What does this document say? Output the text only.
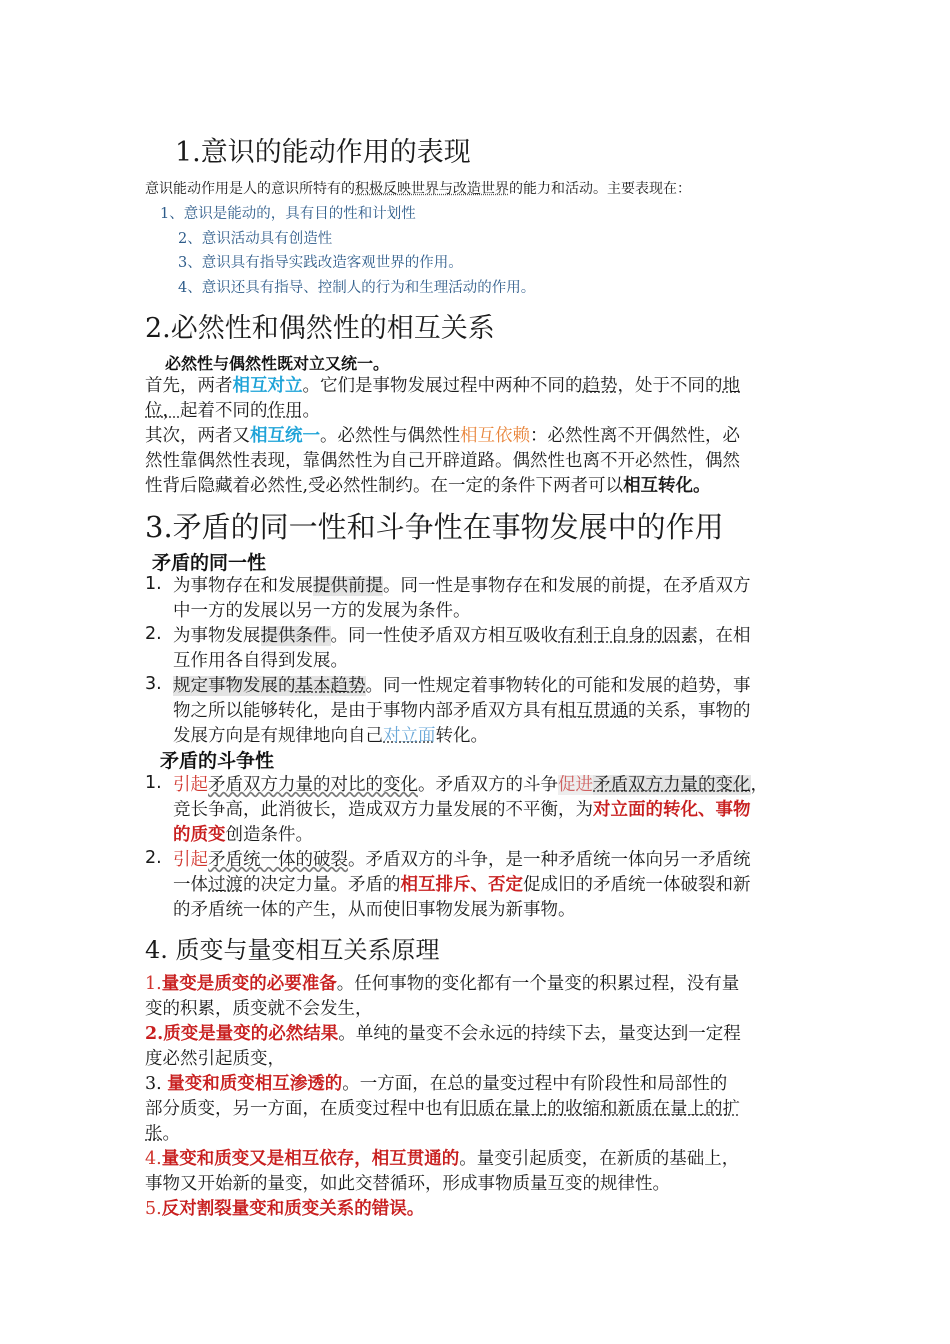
1.意识的能动作用的表现
意识能动作用是人的意识所特有的积极反映世界与改造世界的能力和活动。主要表现在：
1、意识是能动的，具有目的性和计划性
2、意识活动具有创造性
3、意识具有指导实践改造客观世界的作用。
4、意识还具有指导、控制人的行为和生理活动的作用。
2.必然性和偶然性的相互关系
必然性与偶然性既对立又统一。
首先，两者相互对立。它们是事物发展过程中两种不同的趋势，处于不同的地
位，起着不同的作用。
其次，两者又相互统一。必然性与偶然性相互依赖：必然性离不开偶然性，必
然性靠偶然性表现，靠偶然性为自己开辟道路。偶然性也离不开必然性，偶然
性背后隐藏着必然性,受必然性制约。在一定的条件下两者可以相互转化。
3.矛盾的同一性和斗争性在事物发展中的作用
矛盾的同一性
1. 为事物存在和发展提供前提。同一性是事物存在和发展的前提，在矛盾双方
中一方的发展以另一方的发展为条件。
2. 为事物发展提供条件。同一性使矛盾双方相互吸收有利于自身的因素，在相
互作用各自得到发展。
3. 规定事物发展的基本趋势。同一性规定着事物转化的可能和发展的趋势，事
物之所以能够转化，是由于事物内部矛盾双方具有相互贯通的关系，事物的
发展方向是有规律地向自己对立面转化。
矛盾的斗争性
1. 引起矛盾双方力量的对比的变化。矛盾双方的斗争促进矛盾双方力量的变化，
竞长争高，此消彼长，造成双方力量发展的不平衡，为对立面的转化、事物
的质变创造条件。
2. 引起矛盾统一体的破裂。矛盾双方的斗争，是一种矛盾统一体向另一矛盾统
一体过渡的决定力量。矛盾的相互排斥、否定促成旧的矛盾统一体破裂和新
的矛盾统一体的产生，从而使旧事物发展为新事物。
4. 质变与量变相互关系原理
1.量变是质变的必要准备。任何事物的变化都有一个量变的积累过程，没有量
变的积累，质变就不会发生，
2.质变是量变的必然结果。单纯的量变不会永远的持续下去，量变达到一定程
度必然引起质变，
3. 量变和质变相互渗透的。一方面，在总的量变过程中有阶段性和局部性的
部分质变，另一方面，在质变过程中也有旧质在量上的收缩和新质在量上的扩
张。
4.量变和质变又是相互依存，相互贯通的。量变引起质变，在新质的基础上，
事物又开始新的量变，如此交替循环，形成事物质量互变的规律性。
5.反对割裂量变和质变关系的错误。
